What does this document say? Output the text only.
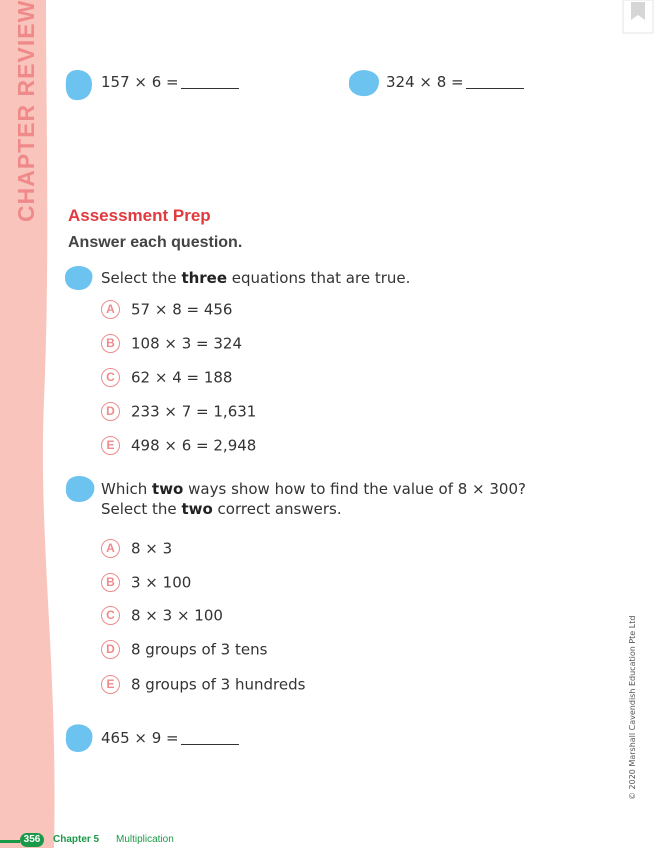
CHAPTER REVIEW	157 × 6 =	324 × 8 =
Assessment Prep
Answer each question.
Select the three equations that are true.
A 57 × 8 = 456
B 108 × 3 = 324
C 62 × 4 = 188
D 233 × 7 = 1,631
E 498 × 6 = 2,948
Which two ways show how to find the value of 8 × 300?
Select the two correct answers.
A 8 × 3
B 3 × 100
C 8 × 3 × 100
D 8 groups of 3 tens
E 8 groups of 3 hundreds
465 × 9 =	© 2020 Marshall Cavendish Education Pte Ltd
356	Chapter 5 Multiplication
